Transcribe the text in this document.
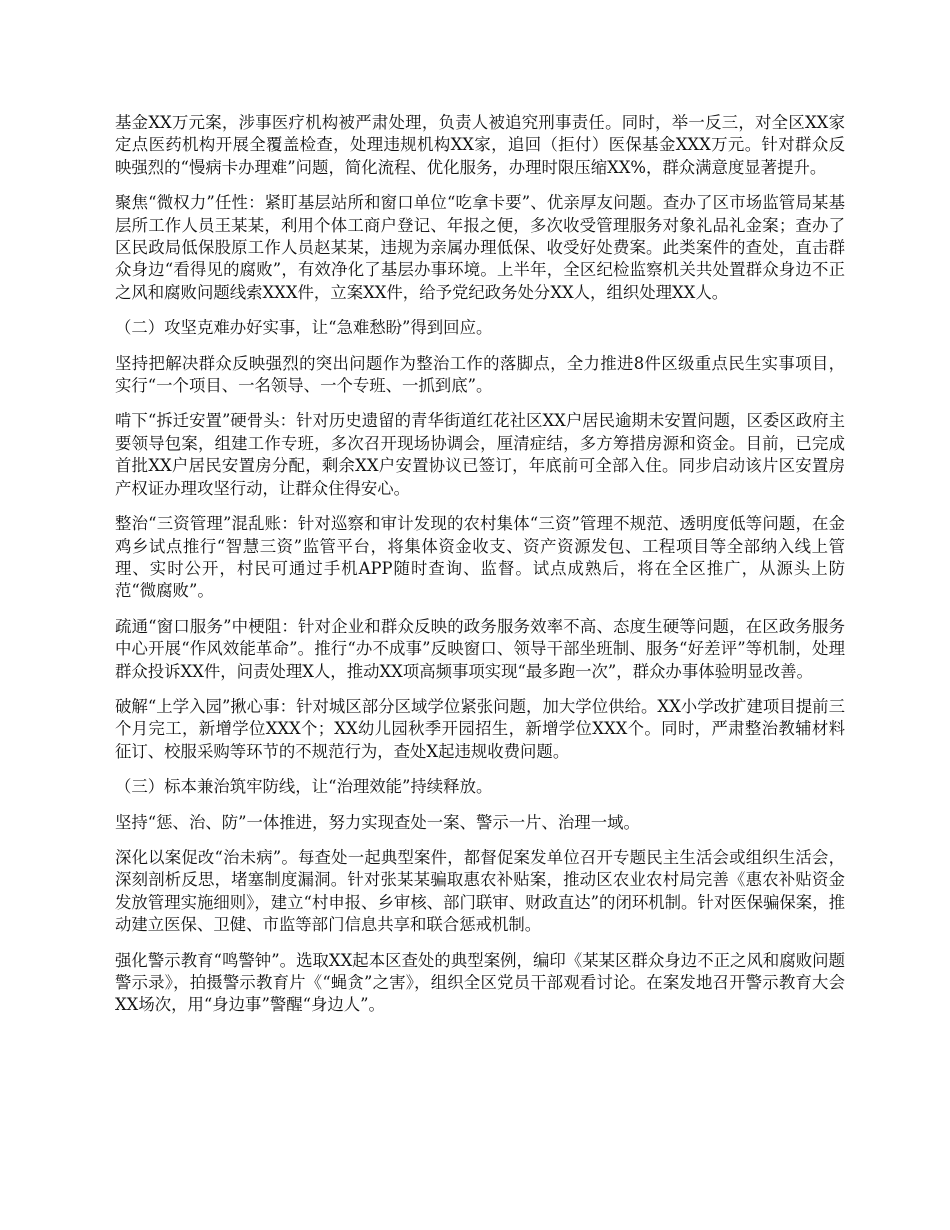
基金XX万元案，涉事医疗机构被严肃处理，负责人被追究刑事责任。同时，举一反三，对全区XX家定点医药机构开展全覆盖检查，处理违规机构XX家，追回（拒付）医保基金XXX万元。针对群众反映强烈的“慢病卡办理难”问题，简化流程、优化服务，办理时限压缩XX%，群众满意度显著提升。

聚焦“微权力”任性：紧盯基层站所和窗口单位“吃拿卡要”、优亲厚友问题。查办了区市场监管局某基层所工作人员王某某，利用个体工商户登记、年报之便，多次收受管理服务对象礼品礼金案；查办了区民政局低保股原工作人员赵某某，违规为亲属办理低保、收受好处费案。此类案件的查处，直击群众身边“看得见的腐败”，有效净化了基层办事环境。上半年，全区纪检监察机关共处置群众身边不正之风和腐败问题线索XXX件，立案XX件，给予党纪政务处分XX人，组织处理XX人。

（二）攻坚克难办好实事，让“急难愁盼”得到回应。

坚持把解决群众反映强烈的突出问题作为整治工作的落脚点，全力推进8件区级重点民生实事项目，实行“一个项目、一名领导、一个专班、一抓到底”。

啃下“拆迁安置”硬骨头：针对历史遗留的青华街道红花社区XX户居民逾期未安置问题，区委区政府主要领导包案，组建工作专班，多次召开现场协调会，厘清症结，多方筹措房源和资金。目前，已完成首批XX户居民安置房分配，剩余XX户安置协议已签订，年底前可全部入住。同步启动该片区安置房产权证办理攻坚行动，让群众住得安心。

整治“三资管理”混乱账：针对巡察和审计发现的农村集体“三资”管理不规范、透明度低等问题，在金鸡乡试点推行“智慧三资”监管平台，将集体资金收支、资产资源发包、工程项目等全部纳入线上管理、实时公开，村民可通过手机APP随时查询、监督。试点成熟后，将在全区推广，从源头上防范“微腐败”。

疏通“窗口服务”中梗阻：针对企业和群众反映的政务服务效率不高、态度生硬等问题，在区政务服务中心开展“作风效能革命”。推行“办不成事”反映窗口、领导干部坐班制、服务“好差评”等机制，处理群众投诉XX件，问责处理X人，推动XX项高频事项实现“最多跑一次”，群众办事体验明显改善。

破解“上学入园”揪心事：针对城区部分区域学位紧张问题，加大学位供给。XX小学改扩建项目提前三个月完工，新增学位XXX个；XX幼儿园秋季开园招生，新增学位XXX个。同时，严肃整治教辅材料征订、校服采购等环节的不规范行为，查处X起违规收费问题。

（三）标本兼治筑牢防线，让“治理效能”持续释放。

坚持“惩、治、防”一体推进，努力实现查处一案、警示一片、治理一域。

深化以案促改“治未病”。每查处一起典型案件，都督促案发单位召开专题民主生活会或组织生活会，深刻剖析反思，堵塞制度漏洞。针对张某某骗取惠农补贴案，推动区农业农村局完善《惠农补贴资金发放管理实施细则》，建立“村申报、乡审核、部门联审、财政直达”的闭环机制。针对医保骗保案，推动建立医保、卫健、市监等部门信息共享和联合惩戒机制。

强化警示教育“鸣警钟”。选取XX起本区查处的典型案例，编印《某某区群众身边不正之风和腐败问题警示录》，拍摄警示教育片《“蝇贪”之害》，组织全区党员干部观看讨论。在案发地召开警示教育大会XX场次，用“身边事”警醒“身边人”。
